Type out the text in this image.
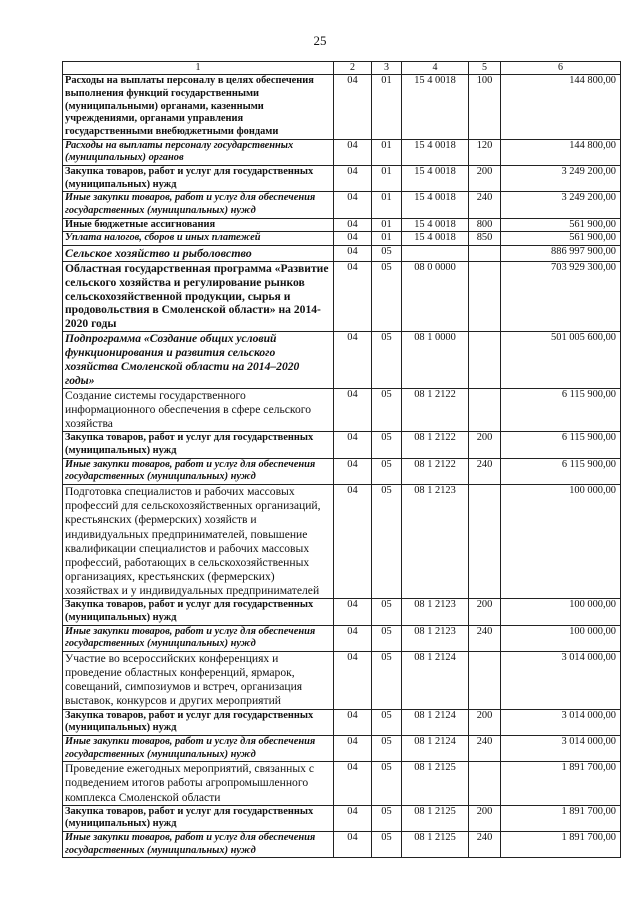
25
1	2	3	4	5	6
Расходы на выплаты персоналу в целях обеспечения выполнения функций государственными (муниципальными) органами, казенными учреждениями, органами управления государственными внебюджетными фондами	04	01	15 4 0018	100	144 800,00
Расходы на выплаты персоналу государственных (муниципальных) органов	04	01	15 4 0018	120	144 800,00
Закупка товаров, работ и услуг для государственных (муниципальных) нужд	04	01	15 4 0018	200	3 249 200,00
Иные закупки товаров, работ и услуг для обеспечения государственных (муниципальных) нужд	04	01	15 4 0018	240	3 249 200,00
Иные бюджетные ассигнования	04	01	15 4 0018	800	561 900,00
Уплата налогов, сборов и иных платежей	04	01	15 4 0018	850	561 900,00
Сельское хозяйство и рыболовство	04	05			886 997 900,00
Областная государственная программа «Развитие сельского хозяйства и регулирование рынков сельскохозяйственной продукции, сырья и продовольствия в Смоленской области» на 2014-2020 годы	04	05	08 0 0000		703 929 300,00
Подпрограмма «Создание общих условий функционирования и развития сельского хозяйства Смоленской области на 2014–2020 годы»	04	05	08 1 0000		501 005 600,00
Создание системы государственного информационного обеспечения в сфере сельского хозяйства	04	05	08 1 2122		6 115 900,00
Закупка товаров, работ и услуг для государственных (муниципальных) нужд	04	05	08 1 2122	200	6 115 900,00
Иные закупки товаров, работ и услуг для обеспечения государственных (муниципальных) нужд	04	05	08 1 2122	240	6 115 900,00
Подготовка специалистов и рабочих массовых профессий для сельскохозяйственных организаций, крестьянских (фермерских) хозяйств и индивидуальных предпринимателей, повышение квалификации специалистов и рабочих массовых профессий, работающих в сельскохозяйственных организациях, крестьянских (фермерских) хозяйствах и у индивидуальных предпринимателей	04	05	08 1 2123		100 000,00
Закупка товаров, работ и услуг для государственных (муниципальных) нужд	04	05	08 1 2123	200	100 000,00
Иные закупки товаров, работ и услуг для обеспечения государственных (муниципальных) нужд	04	05	08 1 2123	240	100 000,00
Участие во всероссийских конференциях и проведение областных конференций, ярмарок, совещаний, симпозиумов и встреч, организация выставок, конкурсов и других мероприятий	04	05	08 1 2124		3 014 000,00
Закупка товаров, работ и услуг для государственных (муниципальных) нужд	04	05	08 1 2124	200	3 014 000,00
Иные закупки товаров, работ и услуг для обеспечения государственных (муниципальных) нужд	04	05	08 1 2124	240	3 014 000,00
Проведение ежегодных мероприятий, связанных с подведением итогов работы агропромышленного комплекса Смоленской области	04	05	08 1 2125		1 891 700,00
Закупка товаров, работ и услуг для государственных (муниципальных) нужд	04	05	08 1 2125	200	1 891 700,00
Иные закупки товаров, работ и услуг для обеспечения государственных (муниципальных) нужд	04	05	08 1 2125	240	1 891 700,00
